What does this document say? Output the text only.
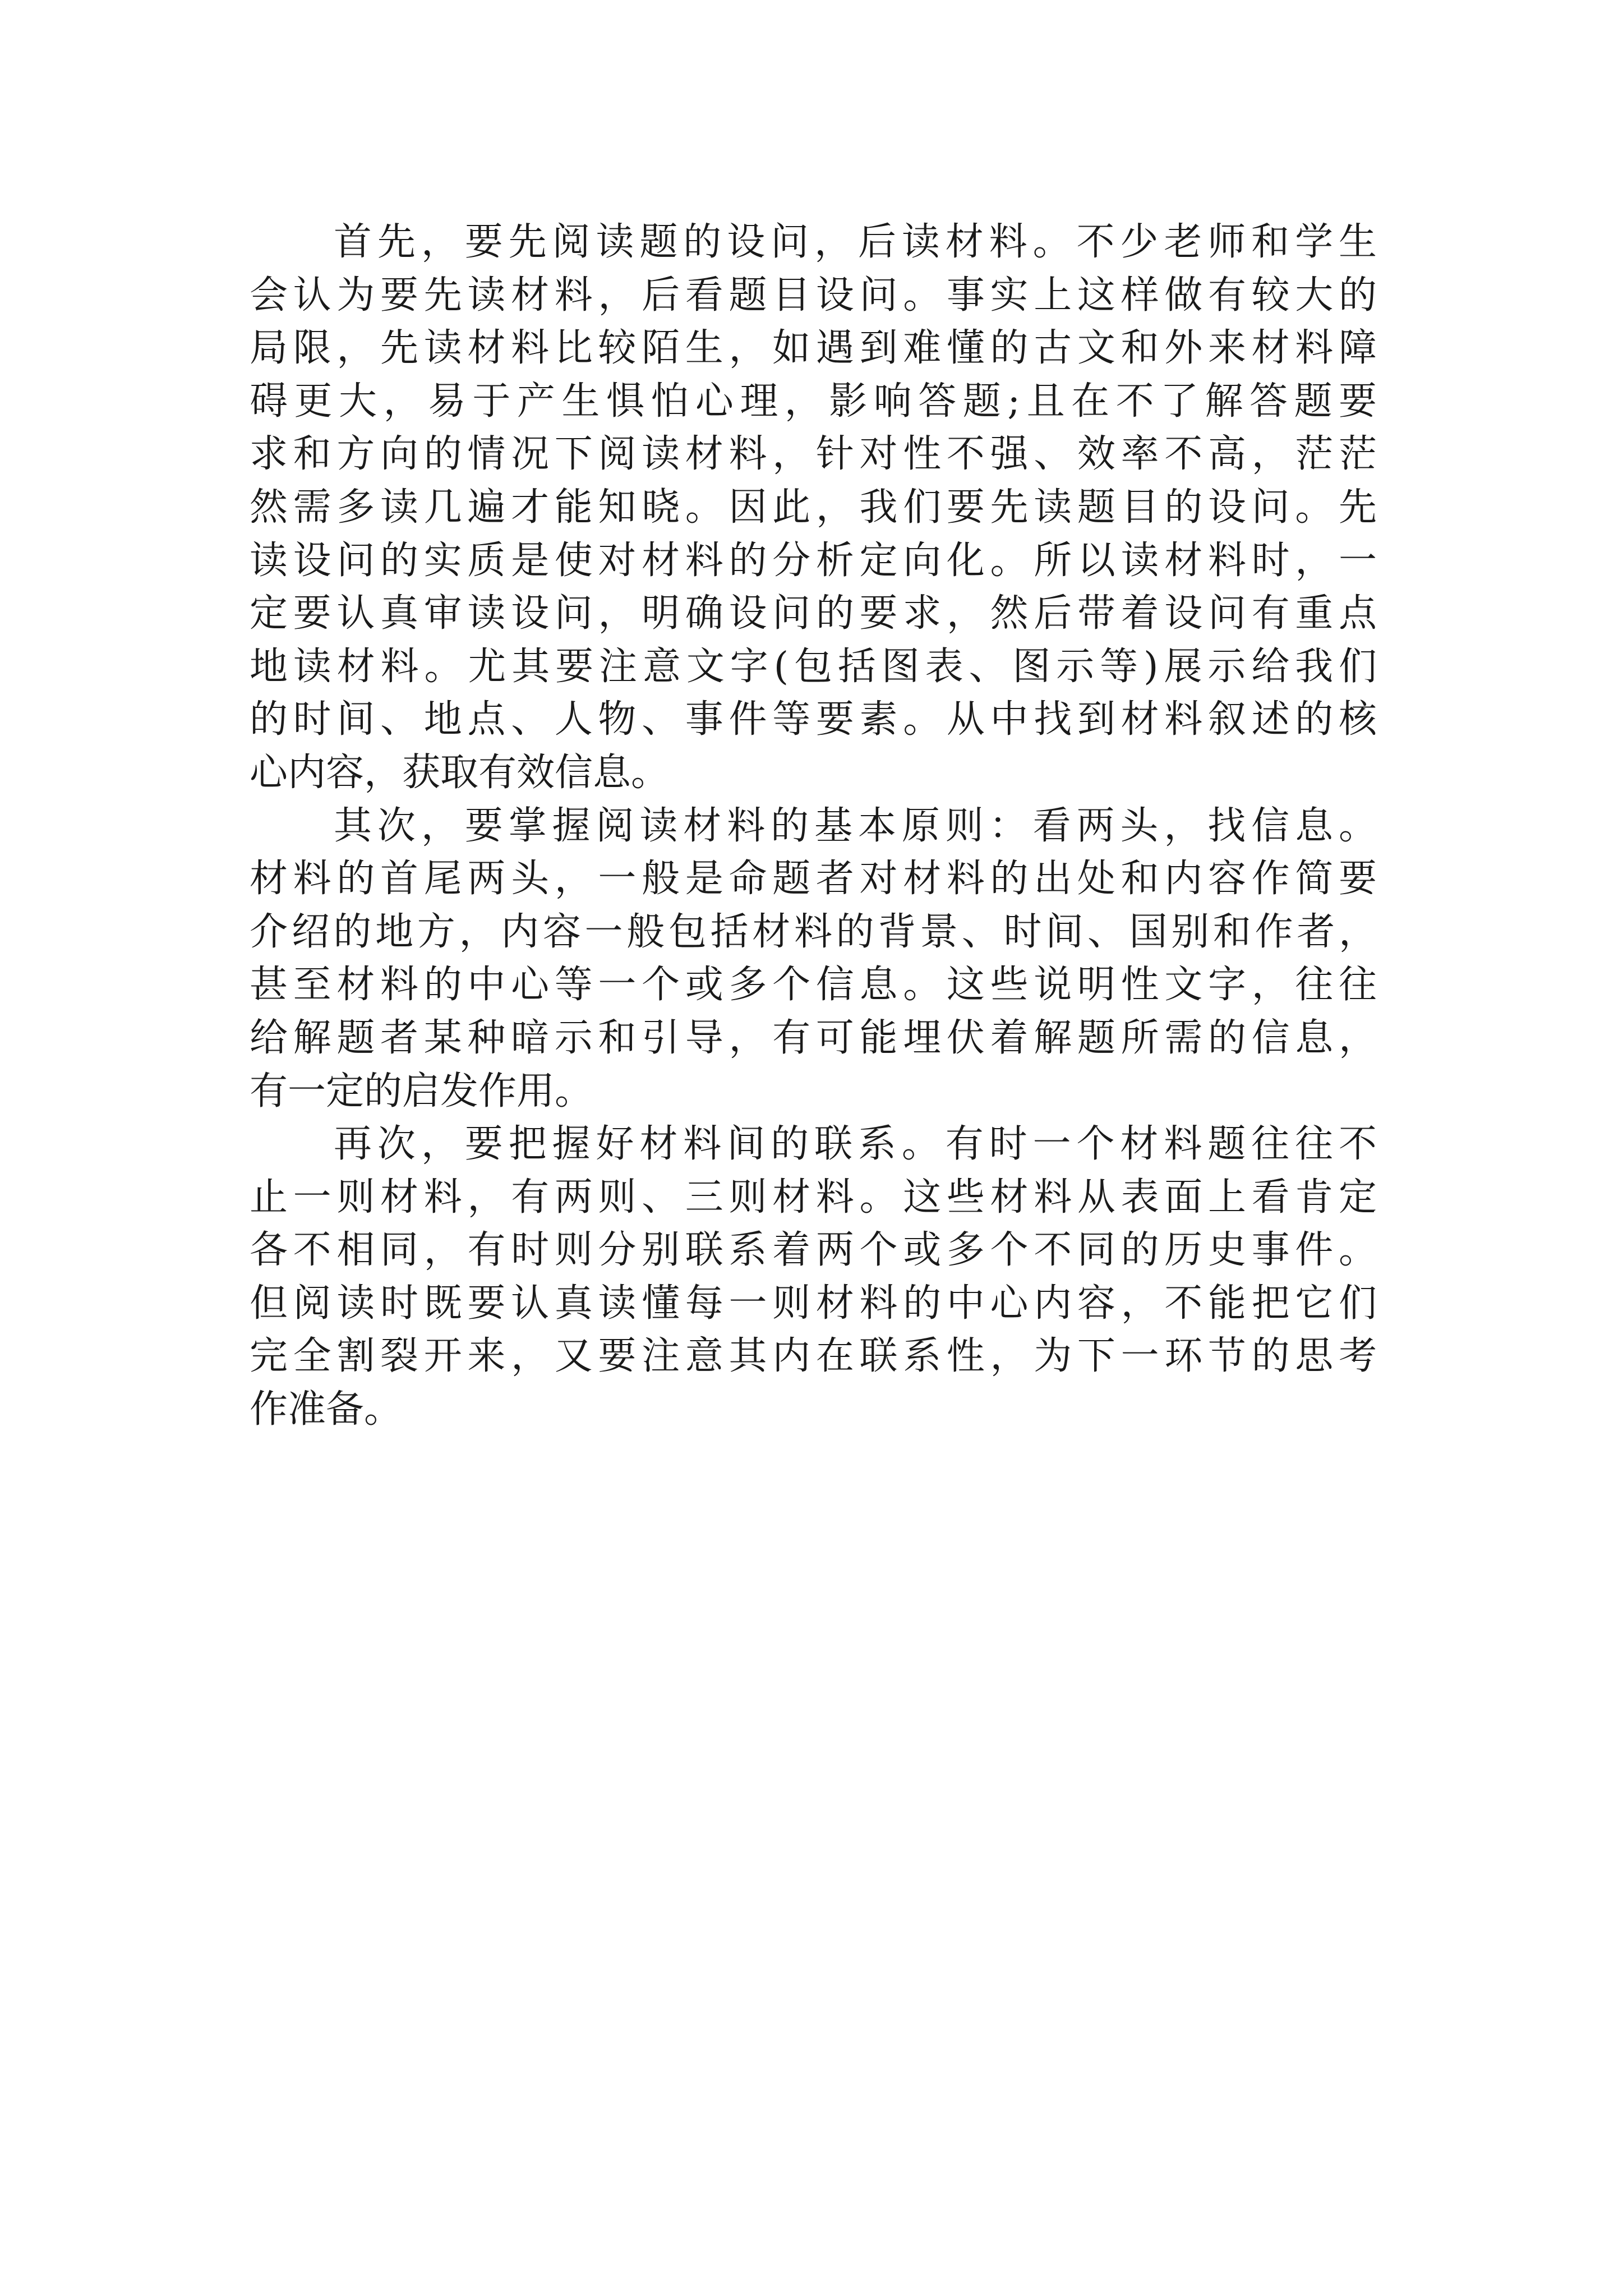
首先，要先阅读题的设问，后读材料。不少老师和学生
会认为要先读材料，后看题目设问。事实上这样做有较大的
局限，先读材料比较陌生，如遇到难懂的古文和外来材料障
碍更大，易于产生惧怕心理，影响答题;且在不了解答题要
求和方向的情况下阅读材料，针对性不强、效率不高，茫茫
然需多读几遍才能知晓。因此，我们要先读题目的设问。先
读设问的实质是使对材料的分析定向化。所以读材料时，一
定要认真审读设问，明确设问的要求，然后带着设问有重点
地读材料。尤其要注意文字(包括图表、图示等)展示给我们
的时间、地点、人物、事件等要素。从中找到材料叙述的核
心内容，获取有效信息。
其次，要掌握阅读材料的基本原则：看两头，找信息。
材料的首尾两头，一般是命题者对材料的出处和内容作简要
介绍的地方，内容一般包括材料的背景、时间、国别和作者，
甚至材料的中心等一个或多个信息。这些说明性文字，往往
给解题者某种暗示和引导，有可能埋伏着解题所需的信息，
有一定的启发作用。
再次，要把握好材料间的联系。有时一个材料题往往不
止一则材料，有两则、三则材料。这些材料从表面上看肯定
各不相同，有时则分别联系着两个或多个不同的历史事件。
但阅读时既要认真读懂每一则材料的中心内容，不能把它们
完全割裂开来，又要注意其内在联系性，为下一环节的思考
作准备。
